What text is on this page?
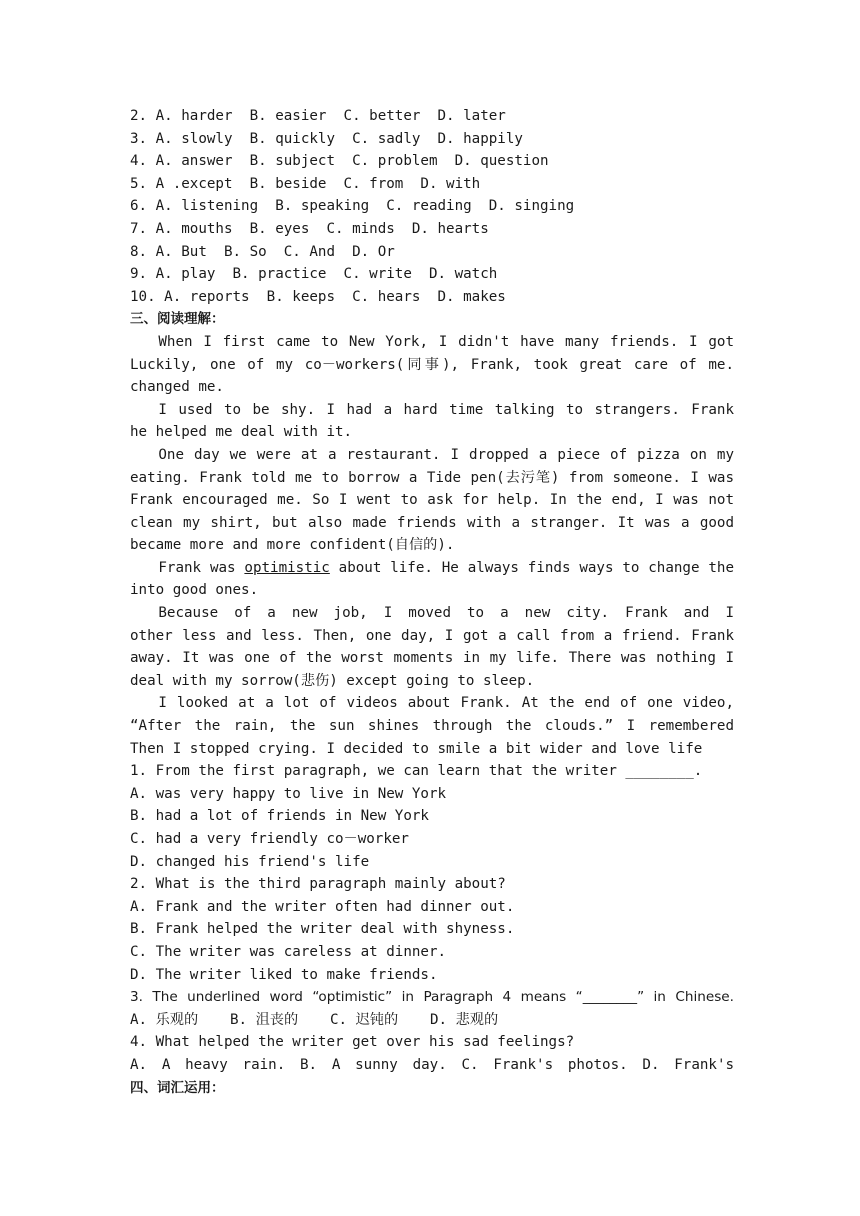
2. A. harder  B. easier  C. better  D. later
3. A. slowly  B. quickly  C. sadly  D. happily
4. A. answer  B. subject  C. problem  D. question
5. A .except  B. beside  C. from  D. with
6. A. listening  B. speaking  C. reading  D. singing
7. A. mouths  B. eyes  C. minds  D. hearts
8. A. But  B. So  C. And  D. Or
9. A. play  B. practice  C. write  D. watch
10. A. reports  B. keeps  C. hears  D. makes
三、阅读理解：
When I first came to New York, I didn't have many friends. I got
Luckily, one of my co－workers(同事), Frank, took great care of me.
changed me.
I used to be shy. I had a hard time talking to strangers. Frank
he helped me deal with it.
One day we were at a restaurant. I dropped a piece of pizza on my
eating. Frank told me to borrow a Tide pen(去污笔) from someone. I was
Frank encouraged me. So I went to ask for help. In the end, I was not
clean my shirt, but also made friends with a stranger. It was a good
became more and more confident(自信的).
Frank was optimistic about life. He always finds ways to change the
into good ones.
Because of a new job, I moved to a new city. Frank and I
other less and less. Then, one day, I got a call from a friend. Frank
away. It was one of the worst moments in my life. There was nothing I
deal with my sorrow(悲伤) except going to sleep.
I looked at a lot of videos about Frank. At the end of one video,
“After the rain, the sun shines through the clouds.” I remembered
Then I stopped crying. I decided to smile a bit wider and love life
1. From the first paragraph, we can learn that the writer ________.
A. was very happy to live in New York
B. had a lot of friends in New York
C. had a very friendly co－worker
D. changed his friend's life
2. What is the third paragraph mainly about?
A. Frank and the writer often had dinner out.
B. Frank helped the writer deal with shyness.
C. The writer was careless at dinner.
D. The writer liked to make friends.
3. The underlined word “optimistic” in Paragraph 4 means “________” in Chinese.
A. 乐观的 B. 沮丧的 C. 迟钝的 D. 悲观的
4. What helped the writer get over his sad feelings?
A. A heavy rain. B. A sunny day. C. Frank's photos. D. Frank's
四、词汇运用：
